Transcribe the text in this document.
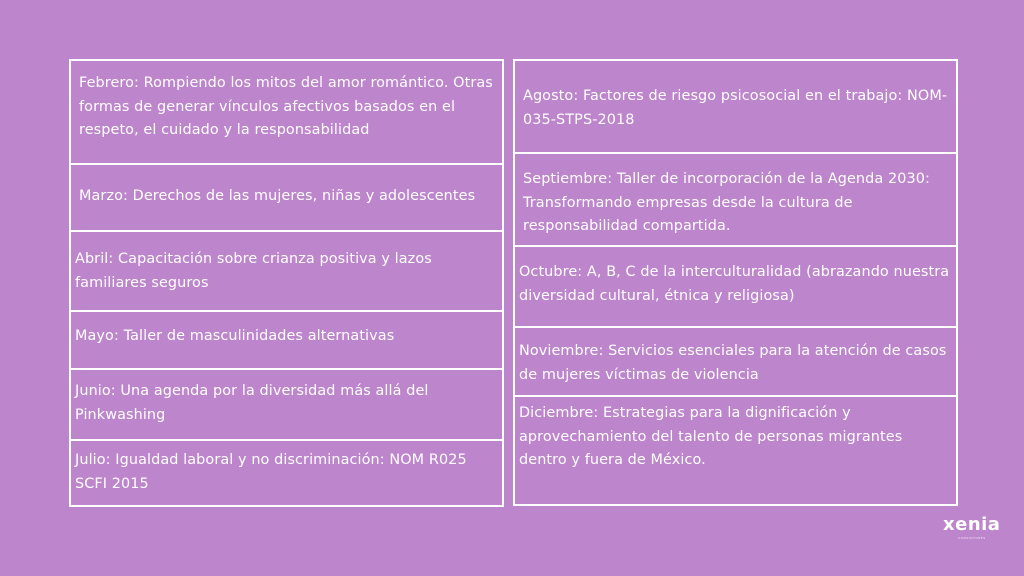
Febrero: Rompiendo los mitos del amor romántico. Otras formas de generar vínculos afectivos basados en el respeto, el cuidado y la responsabilidad
Marzo: Derechos de las mujeres, niñas y adolescentes
Abril: Capacitación sobre crianza positiva y lazos familiares seguros
Mayo: Taller de masculinidades alternativas
Junio: Una agenda por la diversidad más allá del Pinkwashing
Julio: Igualdad laboral y no discriminación: NOM R025 SCFI 2015
Agosto: Factores de riesgo psicosocial en el trabajo: NOM-035-STPS-2018
Septiembre: Taller de incorporación de la Agenda 2030: Transformando empresas desde la cultura de responsabilidad compartida.
Octubre: A, B, C de la interculturalidad (abrazando nuestra diversidad cultural, étnica y religiosa)
Noviembre: Servicios esenciales para la atención de casos de mujeres víctimas de violencia
Diciembre: Estrategias para la dignificación y aprovechamiento del talento de personas migrantes dentro y fuera de México.
xenia
CONSULTORES
